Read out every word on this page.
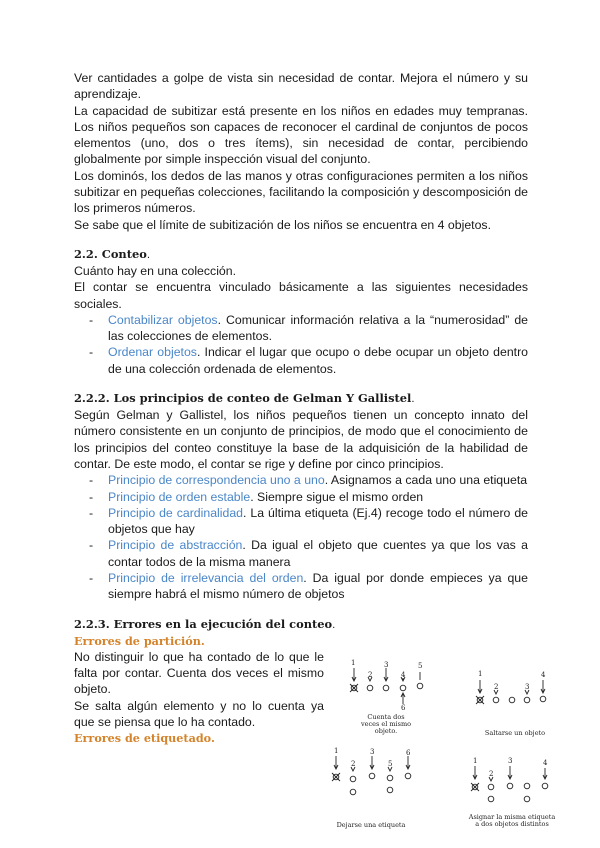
Ver cantidades a golpe de vista sin necesidad de contar. Mejora el número y su aprendizaje.

La capacidad de subitizar está presente en los niños en edades muy tempranas. Los niños pequeños son capaces de reconocer el cardinal de conjuntos de pocos elementos (uno, dos o tres ítems), sin necesidad de contar, percibiendo globalmente por simple inspección visual del conjunto.

Los dominós, los dedos de las manos y otras configuraciones permiten a los niños subitizar en pequeñas colecciones, facilitando la composición y descomposición de los primeros números.

Se sabe que el límite de subitización de los niños se encuentra en 4 objetos.

2.2. Conteo.

Cuánto hay en una colección.

El contar se encuentra vinculado básicamente a las siguientes necesidades sociales.

- Contabilizar objetos. Comunicar información relativa a la “numerosidad” de las colecciones de elementos.
- Ordenar objetos. Indicar el lugar que ocupo o debe ocupar un objeto dentro de una colección ordenada de elementos.
2.2.2. Los principios de conteo de Gelman Y Gallistel.

Según Gelman y Gallistel, los niños pequeños tienen un concepto innato del número consistente en un conjunto de principios, de modo que el conocimiento de los principios del conteo constituye la base de la adquisición de la habilidad de contar. De este modo, el contar se rige y define por cinco principios.

- Principio de correspondencia uno a uno. Asignamos a cada uno una etiqueta
- Principio de orden estable. Siempre sigue el mismo orden
- Principio de cardinalidad. La última etiqueta (Ej.4) recoge todo el número de objetos que hay
- Principio de abstracción. Da igual el objeto que cuentes ya que los vas a contar todos de la misma manera
- Principio de irrelevancia del orden. Da igual por donde empieces ya que siempre habrá el mismo número de objetos
2.2.3. Errores en la ejecución del conteo.
Errores de partición.

No distinguir lo que ha contado de lo que le falta por contar. Cuenta dos veces el mismo objeto.

Se salta algún elemento y no lo cuenta ya que se piensa que lo ha contado.

Errores de etiquetado.
1
2
3
4
5
6
Cuenta dos veces el mismo objeto.
1
2	3
4
Saltarse un objeto
1
2
3
5
6
Dejarse una etiqueta
1
2
3	4
Asignar la misma etiqueta a dos objetos distintos
